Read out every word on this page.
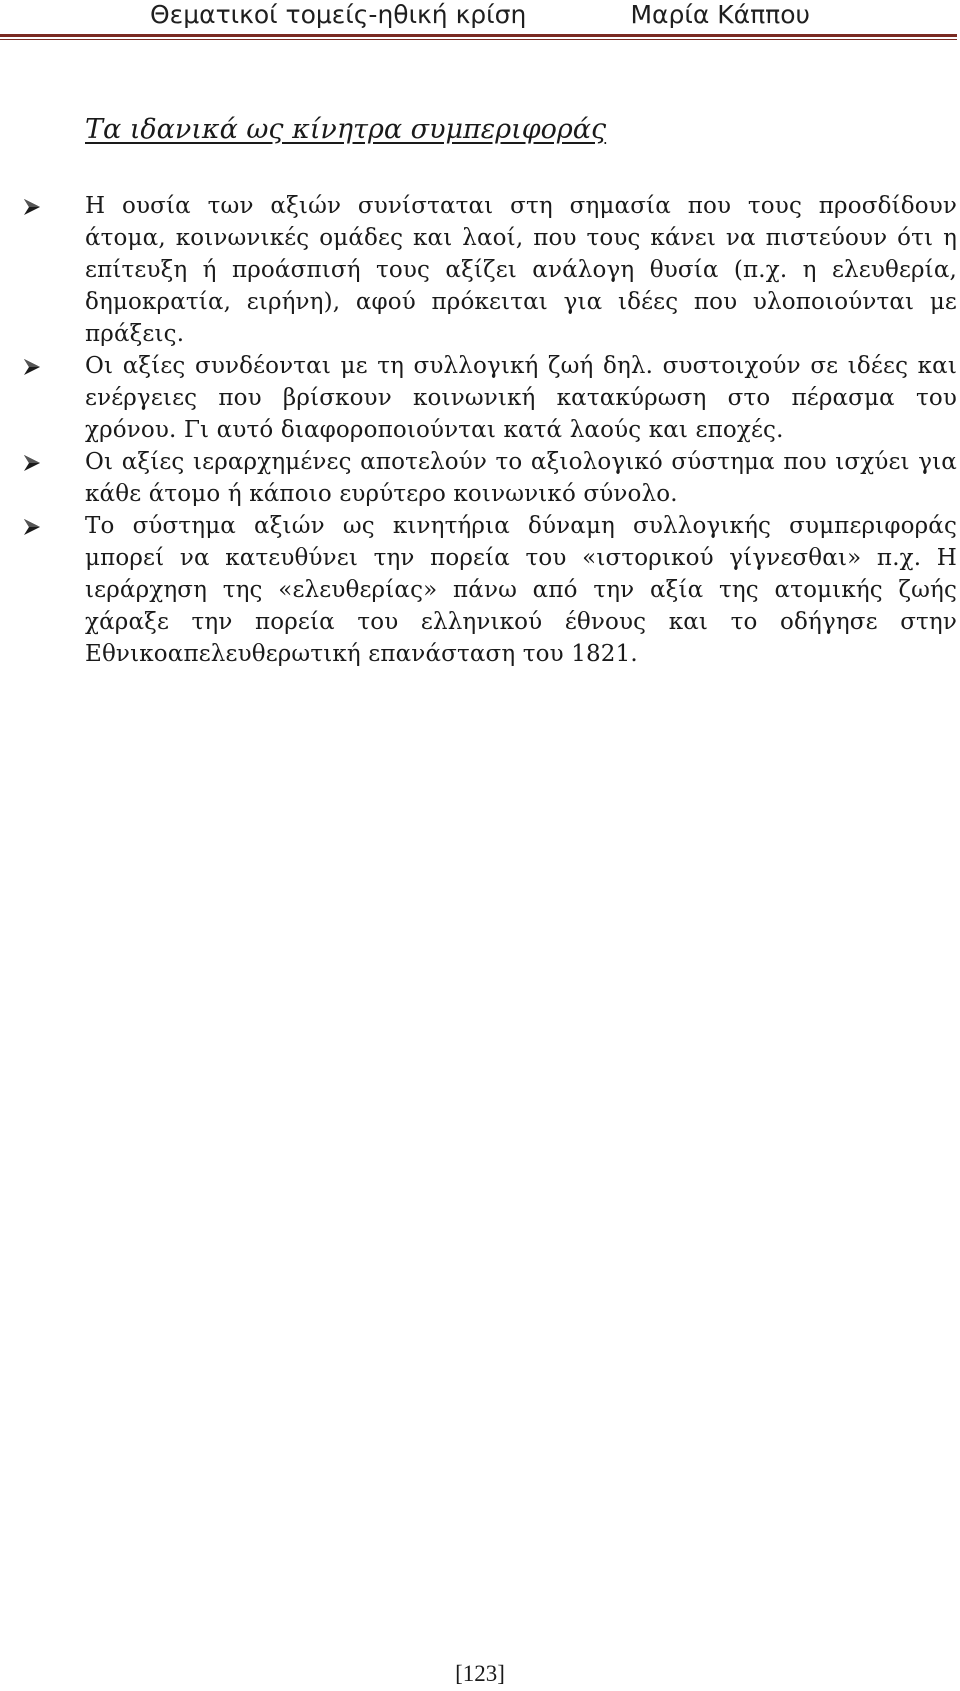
Θεματικοί τομείς-ηθική κρίση	Μαρία Κάππου
Τα ιδανικά ως κίνητρα συμπεριφοράς
Η ουσία των αξιών συνίσταται στη σημασία που τους προσδίδουν άτομα, κοινωνικές ομάδες και λαοί, που τους κάνει να πιστεύουν ότι η επίτευξη ή προάσπισή τους αξίζει ανάλογη θυσία (π.χ. η ελευθερία, δημοκρατία, ειρήνη), αφού πρόκειται για ιδέες που υλοποιούνται με πράξεις.
Οι αξίες συνδέονται με τη συλλογική ζωή δηλ. συστοιχούν σε ιδέες και ενέργειες που βρίσκουν κοινωνική κατακύρωση στο πέρασμα του χρόνου. Γι αυτό διαφοροποιούνται κατά λαούς και εποχές.
Οι αξίες ιεραρχημένες αποτελούν το αξιολογικό σύστημα που ισχύει για κάθε άτομο ή κάποιο ευρύτερο κοινωνικό σύνολο.
Το σύστημα αξιών ως κινητήρια δύναμη συλλογικής συμπεριφοράς μπορεί να κατευθύνει την πορεία του «ιστορικού γίγνεσθαι» π.χ. Η ιεράρχηση της «ελευθερίας» πάνω από την αξία της ατομικής ζωής χάραξε την πορεία του ελληνικού έθνους και το οδήγησε στην Εθνικοαπελευθερωτική επανάσταση του 1821.
[123]
